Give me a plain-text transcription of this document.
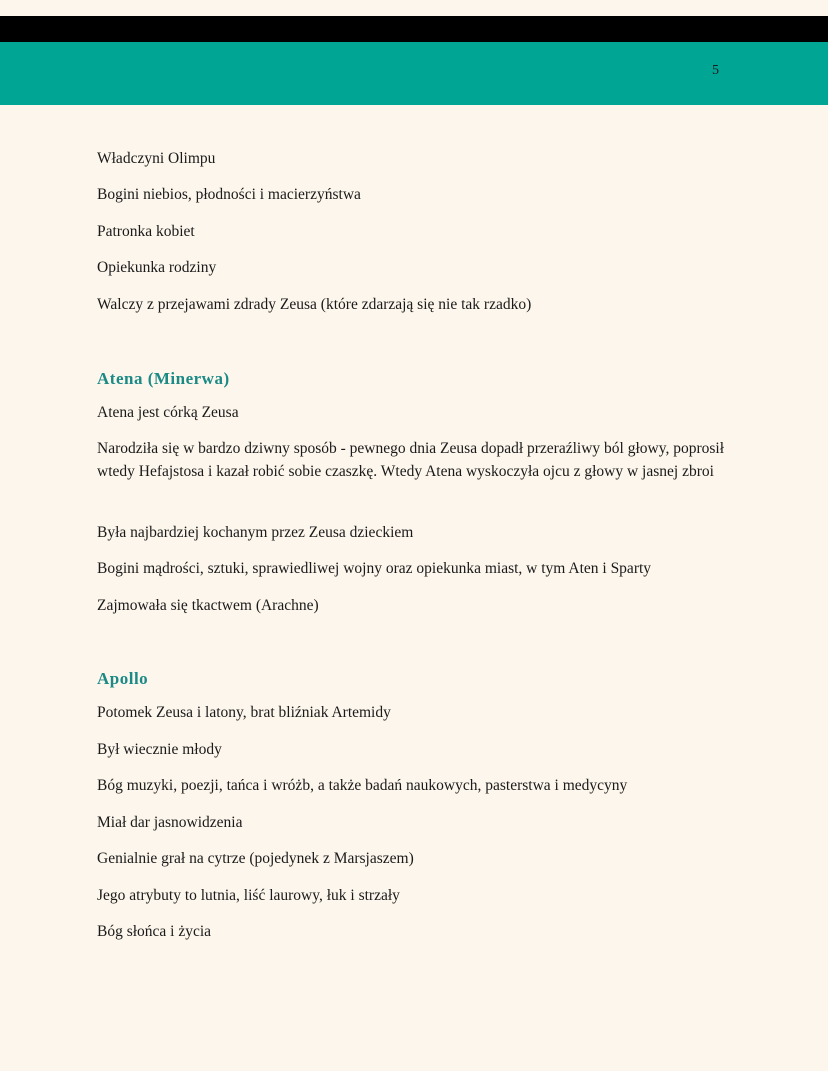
5
Władczyni Olimpu
Bogini niebios, płodności i macierzyństwa
Patronka kobiet
Opiekunka rodziny
Walczy z przejawami zdrady Zeusa (które zdarzają się nie tak rzadko)
Atena (Minerwa)
Atena jest córką Zeusa
Narodziła się w bardzo dziwny sposób - pewnego dnia Zeusa dopadł przeraźliwy ból głowy, poprosił wtedy Hefajstosa i kazał robić sobie czaszkę. Wtedy Atena wyskoczyła ojcu z głowy w jasnej zbroi
Była najbardziej kochanym przez Zeusa dzieckiem
Bogini mądrości, sztuki, sprawiedliwej wojny oraz opiekunka miast, w tym Aten i Sparty
Zajmowała się tkactwem (Arachne)
Apollo
Potomek Zeusa i latony, brat bliźniak Artemidy
Był wiecznie młody
Bóg muzyki, poezji, tańca i wróżb, a także badań naukowych, pasterstwa i medycyny
Miał dar jasnowidzenia
Genialnie grał na cytrze (pojedynek z Marsjaszem)
Jego atrybuty to lutnia, liść laurowy, łuk i strzały
Bóg słońca i życia
